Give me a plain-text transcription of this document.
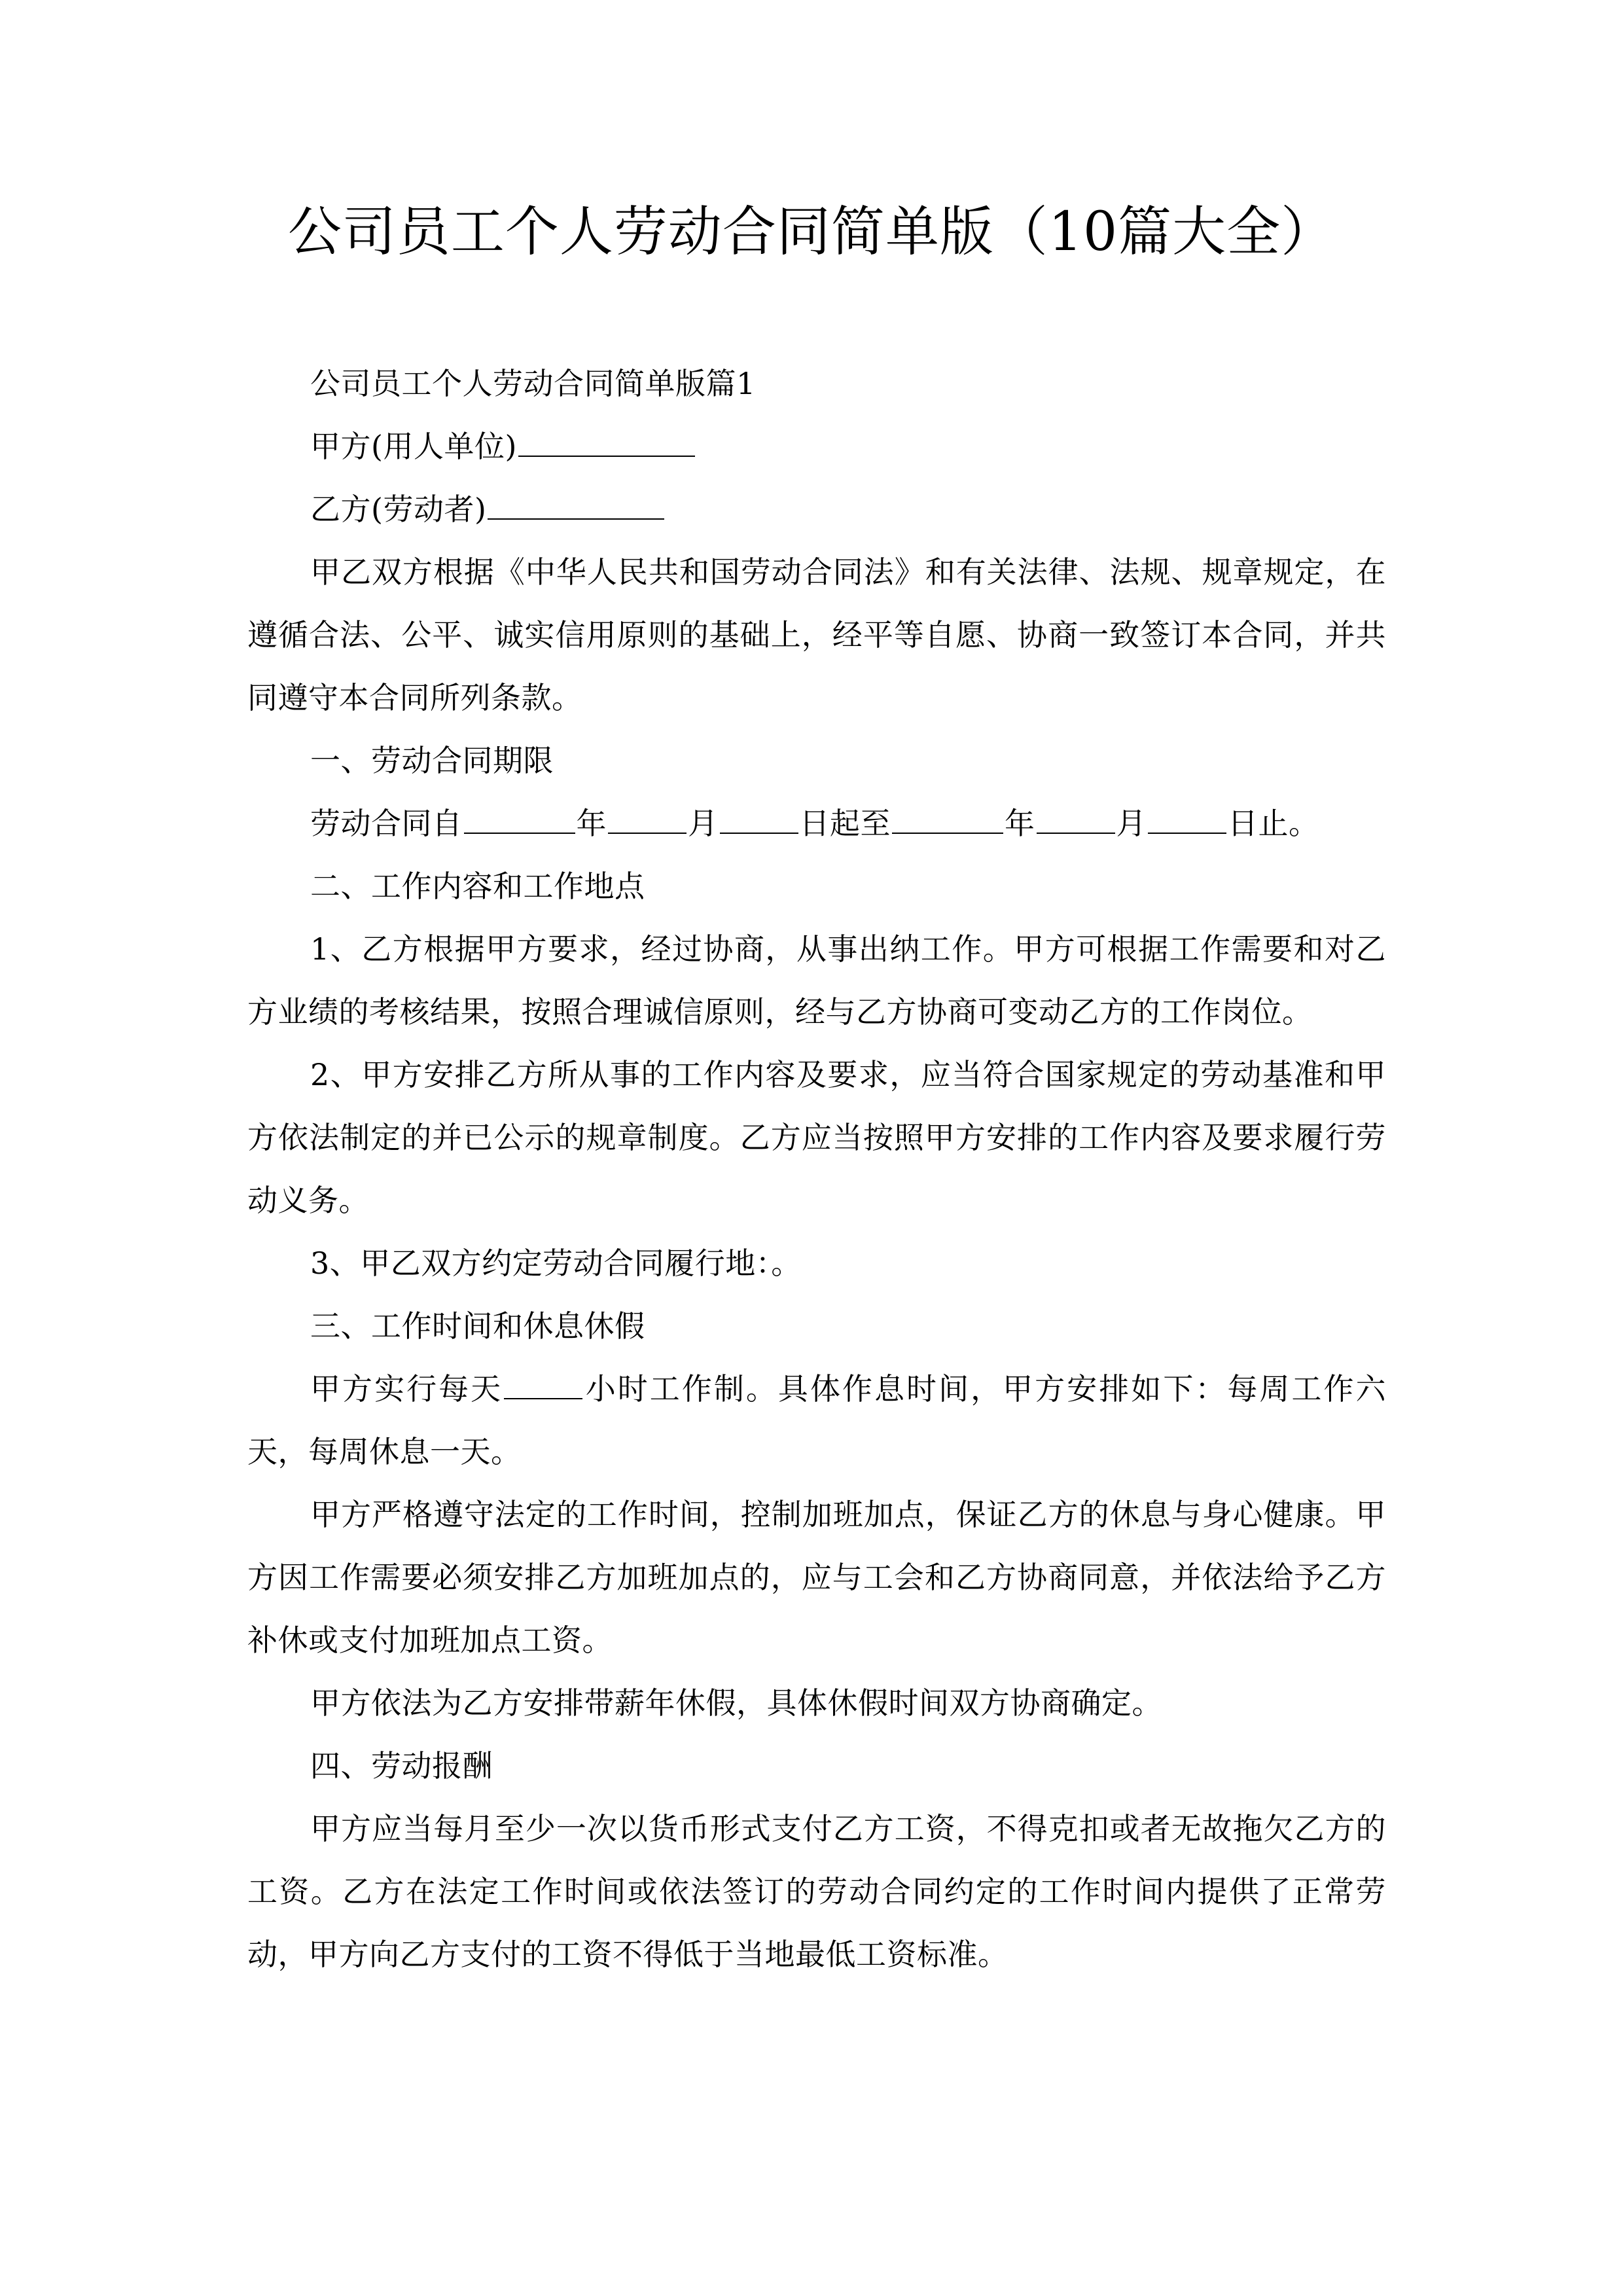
公司员工个人劳动合同简单版（10篇大全）

公司员工个人劳动合同简单版篇1

甲方(用人单位)

乙方(劳动者)

甲乙双方根据《中华人民共和国劳动合同法》和有关法律、法规、规章规定，在遵循合法、公平、诚实信用原则的基础上，经平等自愿、协商一致签订本合同，并共同遵守本合同所列条款。

一、劳动合同期限

劳动合同自	年	月	日起至	年	月	日止。

二、工作内容和工作地点

1、乙方根据甲方要求，经过协商，从事出纳工作。甲方可根据工作需要和对乙方业绩的考核结果，按照合理诚信原则，经与乙方协商可变动乙方的工作岗位。

2、甲方安排乙方所从事的工作内容及要求，应当符合国家规定的劳动基准和甲方依法制定的并已公示的规章制度。乙方应当按照甲方安排的工作内容及要求履行劳动义务。

3、甲乙双方约定劳动合同履行地：。

三、工作时间和休息休假

甲方实行每天	小时工作制。具体作息时间，甲方安排如下：每周工作六天，每周休息一天。

甲方严格遵守法定的工作时间，控制加班加点，保证乙方的休息与身心健康。甲方因工作需要必须安排乙方加班加点的，应与工会和乙方协商同意，并依法给予乙方补休或支付加班加点工资。

甲方依法为乙方安排带薪年休假，具体休假时间双方协商确定。

四、劳动报酬

甲方应当每月至少一次以货币形式支付乙方工资，不得克扣或者无故拖欠乙方的工资。乙方在法定工作时间或依法签订的劳动合同约定的工作时间内提供了正常劳动，甲方向乙方支付的工资不得低于当地最低工资标准。
